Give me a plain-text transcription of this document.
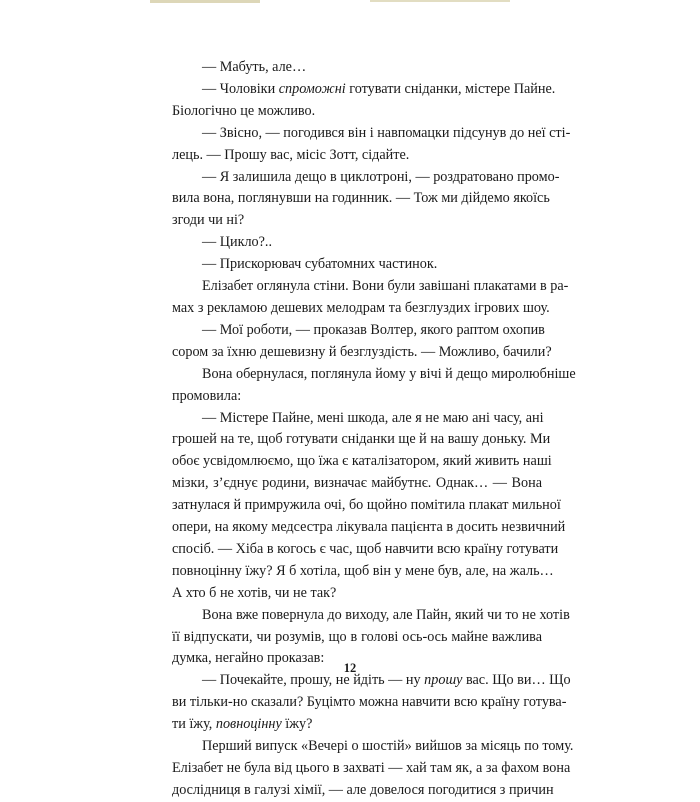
— Мабуть, але…

— Чоловіки спроможні готувати сніданки, містере Пайне.
Біологічно це можливо.

— Звісно, — погодився він і навпомацки підсунув до неї сті-
лець. — Прошу вас, місіс Зотт, сідайте.

— Я залишила дещо в циклотроні, — роздратовано промо-
вила вона, поглянувши на годинник. — Тож ми дійдемо якоїсь
згоди чи ні?

— Цикло?..

— Прискорювач субатомних частинок.

Елізабет оглянула стіни. Вони були завішані плакатами в ра-
мах з рекламою дешевих мелодрам та безглуздих ігрових шоу.

— Мої роботи, — проказав Волтер, якого раптом охопив
сором за їхню дешевизну й безглуздість. — Можливо, бачили?

Вона обернулася, поглянула йому у вічі й дещо миролюбніше
промовила:

— Містере Пайне, мені шкода, але я не маю ані часу, ані
грошей на те, щоб готувати сніданки ще й на вашу доньку. Ми
обоє усвідомлюємо, що їжа є каталізатором, який живить наші
мізки, з’єднує родини, визначає майбутнє. Однак… — Вона
затнулася й примружила очі, бо щойно помітила плакат мильної
опери, на якому медсестра лікувала пацієнта в досить незвичний
спосіб. — Хіба в когось є час, щоб навчити всю країну готувати
повноцінну їжу? Я б хотіла, щоб він у мене був, але, на жаль…
А хто б не хотів, чи не так?

Вона вже повернула до виходу, але Пайн, який чи то не хотів
її відпускати, чи розумів, що в голові ось-ось майне важлива
думка, негайно проказав:

— Почекайте, прошу, не йдіть — ну прошу вас. Що ви… Що
ви тільки-но сказали? Буцімто можна навчити всю країну готува-
ти їжу, повноцінну їжу?

Перший випуск «Вечері о шостій» вийшов за місяць по тому.
Елізабет не була від цього в захваті — хай там як, а за фахом вона
дослідниця в галузі хімії, — але довелося погодитися з причин

12
